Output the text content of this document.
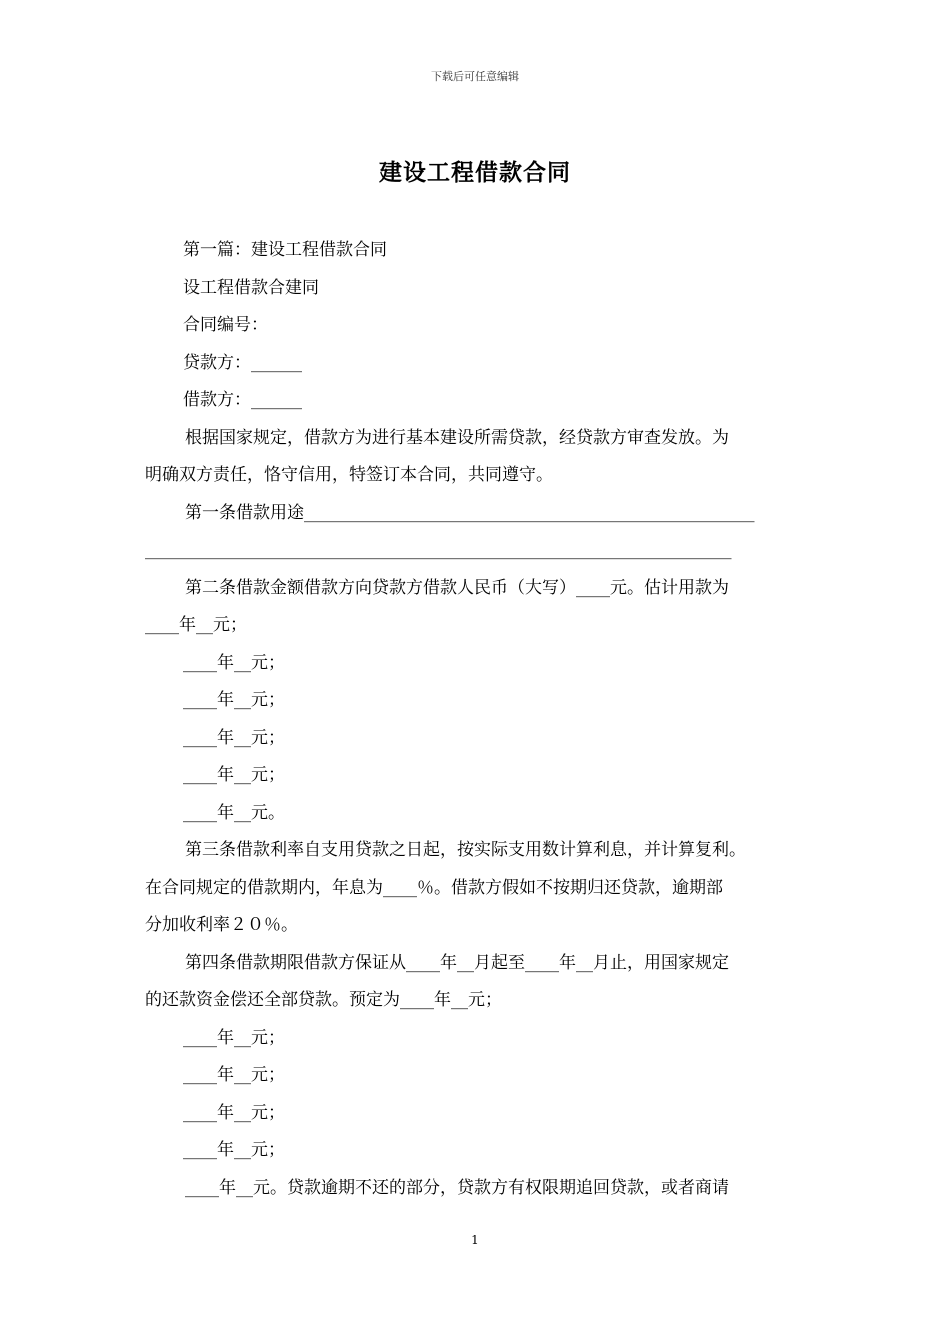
下载后可任意编辑
建设工程借款合同

第一篇：建设工程借款合同

设工程借款合建同

合同编号：

贷款方：______

借款方：______

根据国家规定，借款方为进行基本建设所需贷款，经贷款方审查发放。为

明确双方责任，恪守信用，特签订本合同，共同遵守。

第一条借款用途_____________________________________________________

_____________________________________________________________________

第二条借款金额借款方向贷款方借款人民币（大写）____元。估计用款为

____年__元；

____年__元；

____年__元；

____年__元；

____年__元；

____年__元。

第三条借款利率自支用贷款之日起，按实际支用数计算利息，并计算复利。

在合同规定的借款期内，年息为____％。借款方假如不按期归还贷款，逾期部

分加收利率２０％。

第四条借款期限借款方保证从____年__月起至____年__月止，用国家规定

的还款资金偿还全部贷款。预定为____年__元；

____年__元；

____年__元；

____年__元；

____年__元；

____年__元。贷款逾期不还的部分，贷款方有权限期追回贷款，或者商请

1
